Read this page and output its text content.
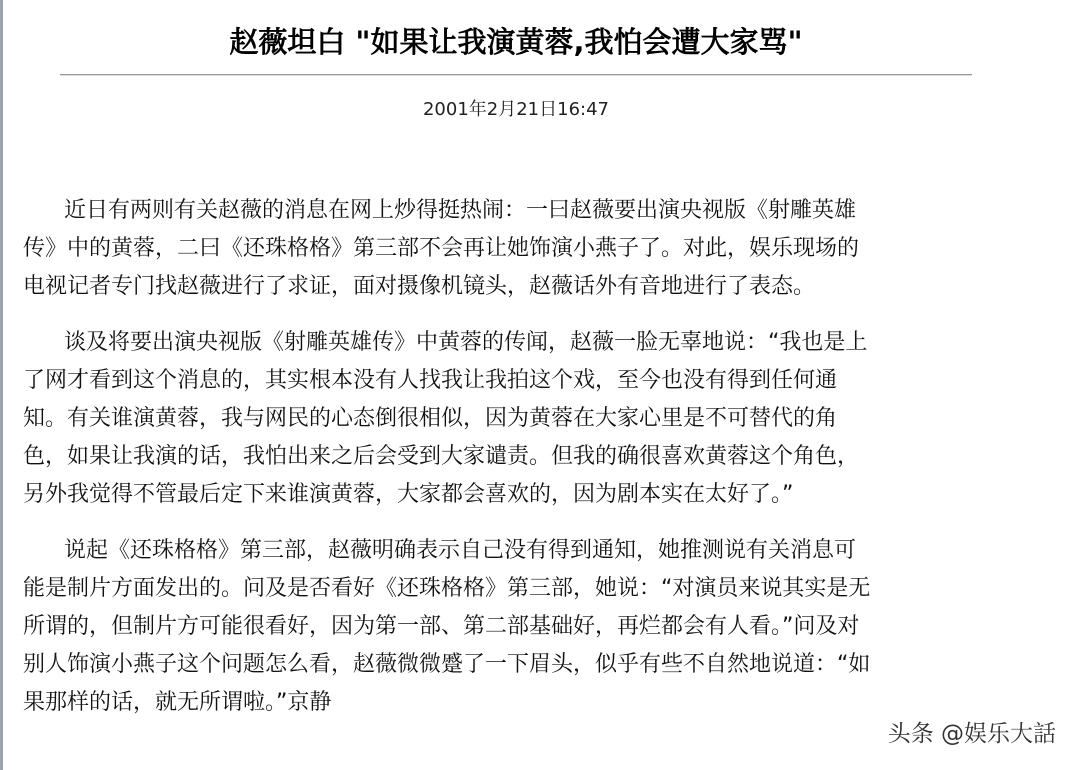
赵薇坦白 "如果让我演黄蓉,我怕会遭大家骂"
2001年2月21日16:47

近日有两则有关赵薇的消息在网上炒得挺热闹：一曰赵薇要出演央视版《射雕英雄
传》中的黄蓉，二曰《还珠格格》第三部不会再让她饰演小燕子了。对此，娱乐现场的
电视记者专门找赵薇进行了求证，面对摄像机镜头，赵薇话外有音地进行了表态。

谈及将要出演央视版《射雕英雄传》中黄蓉的传闻，赵薇一脸无辜地说：“我也是上
了网才看到这个消息的，其实根本没有人找我让我拍这个戏，至今也没有得到任何通
知。有关谁演黄蓉，我与网民的心态倒很相似，因为黄蓉在大家心里是不可替代的角
色，如果让我演的话，我怕出来之后会受到大家谴责。但我的确很喜欢黄蓉这个角色，
另外我觉得不管最后定下来谁演黄蓉，大家都会喜欢的，因为剧本实在太好了。”

说起《还珠格格》第三部，赵薇明确表示自己没有得到通知，她推测说有关消息可
能是制片方面发出的。问及是否看好《还珠格格》第三部，她说：“对演员来说其实是无
所谓的，但制片方可能很看好，因为第一部、第二部基础好，再烂都会有人看。”问及对
别人饰演小燕子这个问题怎么看，赵薇微微蹙了一下眉头，似乎有些不自然地说道：“如
果那样的话，就无所谓啦。”京静

头条 @娱乐大話
